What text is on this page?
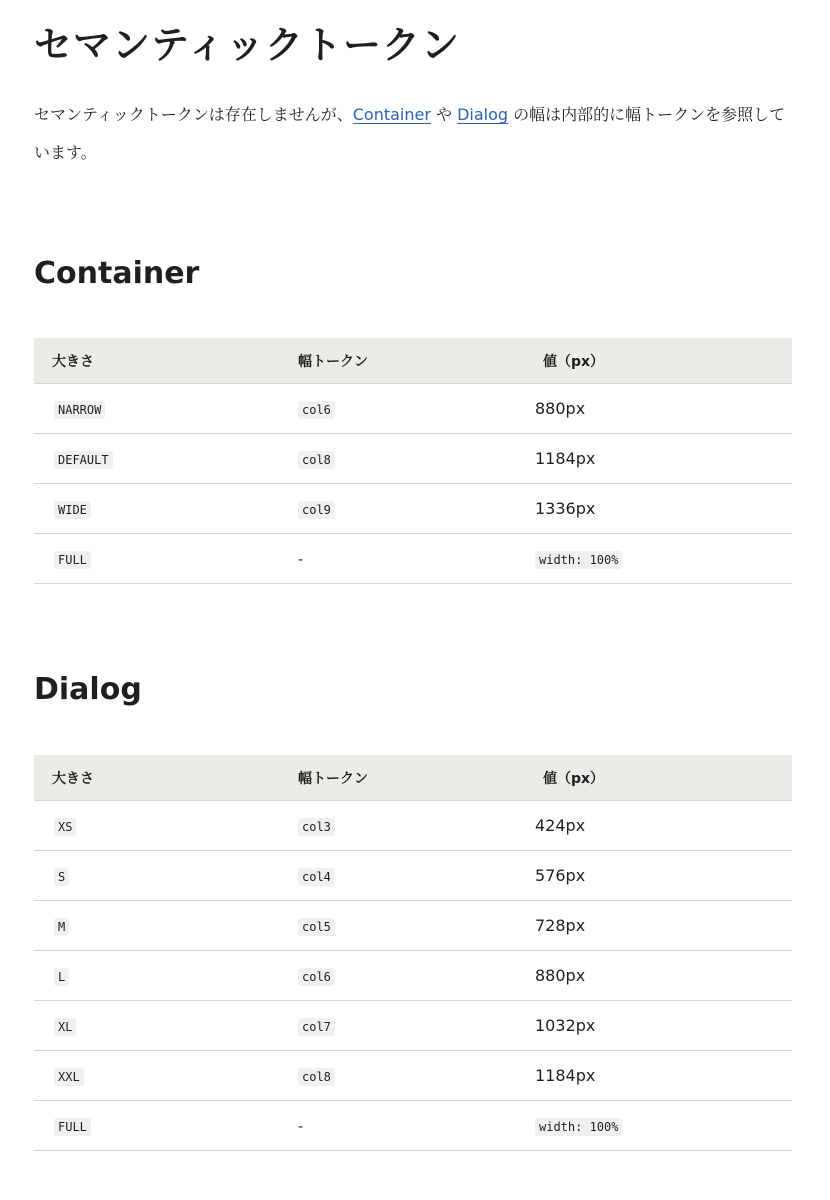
セマンティックトークン

セマンティックトークンは存在しませんが、Container や Dialog の幅は内部的に幅トークンを参照しています。

Container
大きさ	幅トークン	値（px）
NARROW	col6	880px
DEFAULT	col8	1184px
WIDE	col9	1336px
FULL	-	width: 100%
Dialog
大きさ	幅トークン	値（px）
XS	col3	424px
S	col4	576px
M	col5	728px
L	col6	880px
XL	col7	1032px
XXL	col8	1184px
FULL	-	width: 100%
